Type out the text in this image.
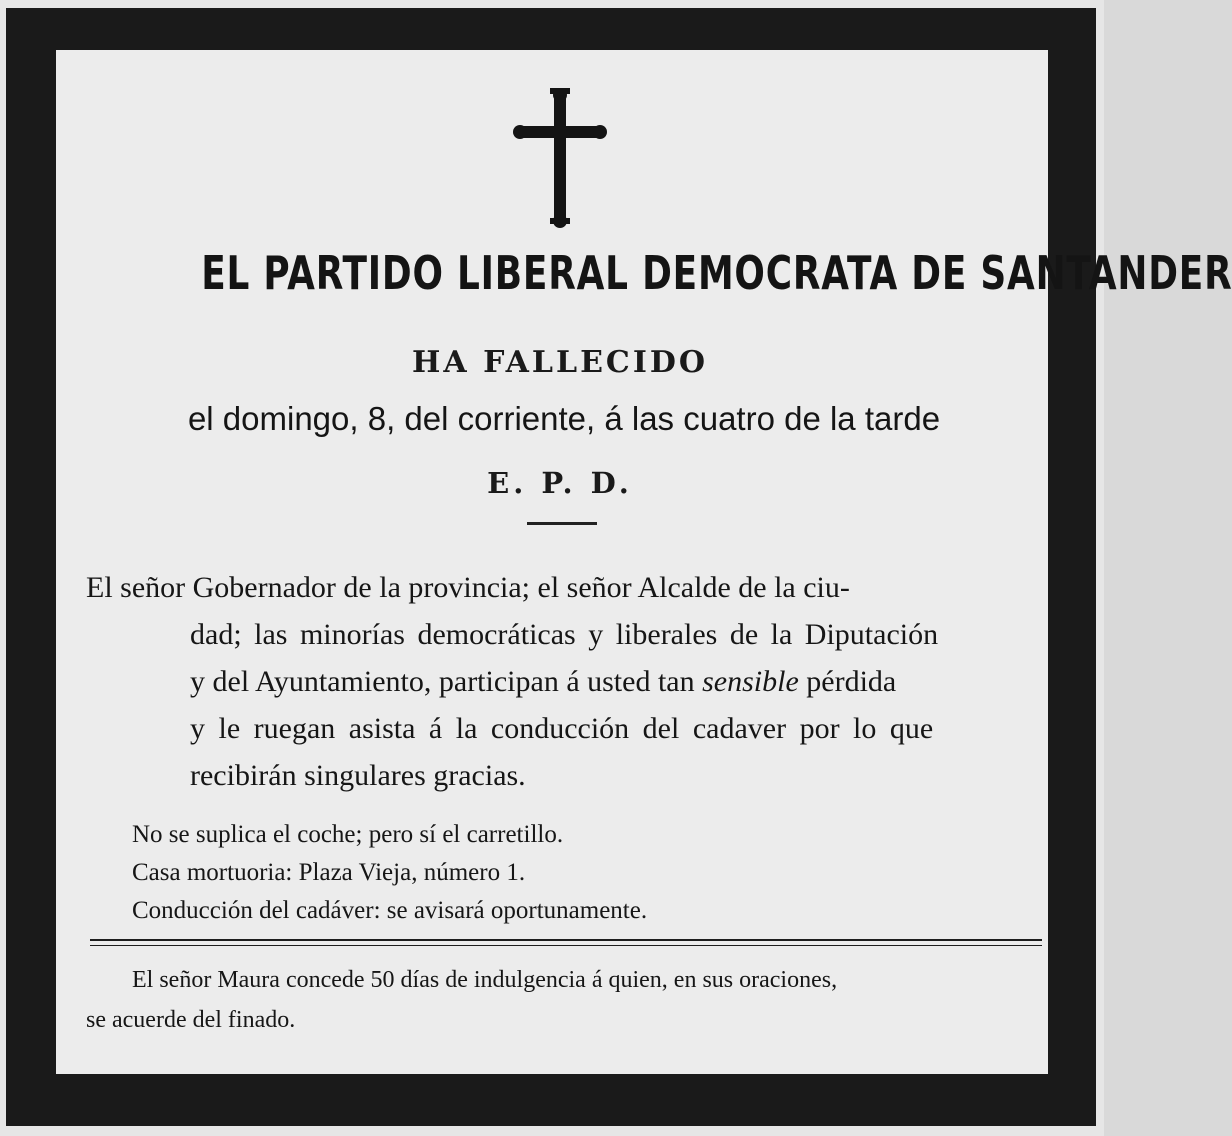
EL PARTIDO LIBERAL DEMOCRATA DE SANTANDER
HA FALLECIDO
el domingo, 8, del corriente, á las cuatro de la tarde
E. P. D.
El señor Gobernador de la provincia; el señor Alcalde de la ciu-
dad; las minorías democráticas y liberales de la Diputación
y del Ayuntamiento, participan á usted tan sensible pérdida
y le ruegan asista á la conducción del cadaver por lo que
recibirán singulares gracias.
No se suplica el coche; pero sí el carretillo.
Casa mortuoria: Plaza Vieja, número 1.
Conducción del cadáver: se avisará oportunamente.
El señor Maura concede 50 días de indulgencia á quien, en sus oraciones,
se acuerde del finado.
